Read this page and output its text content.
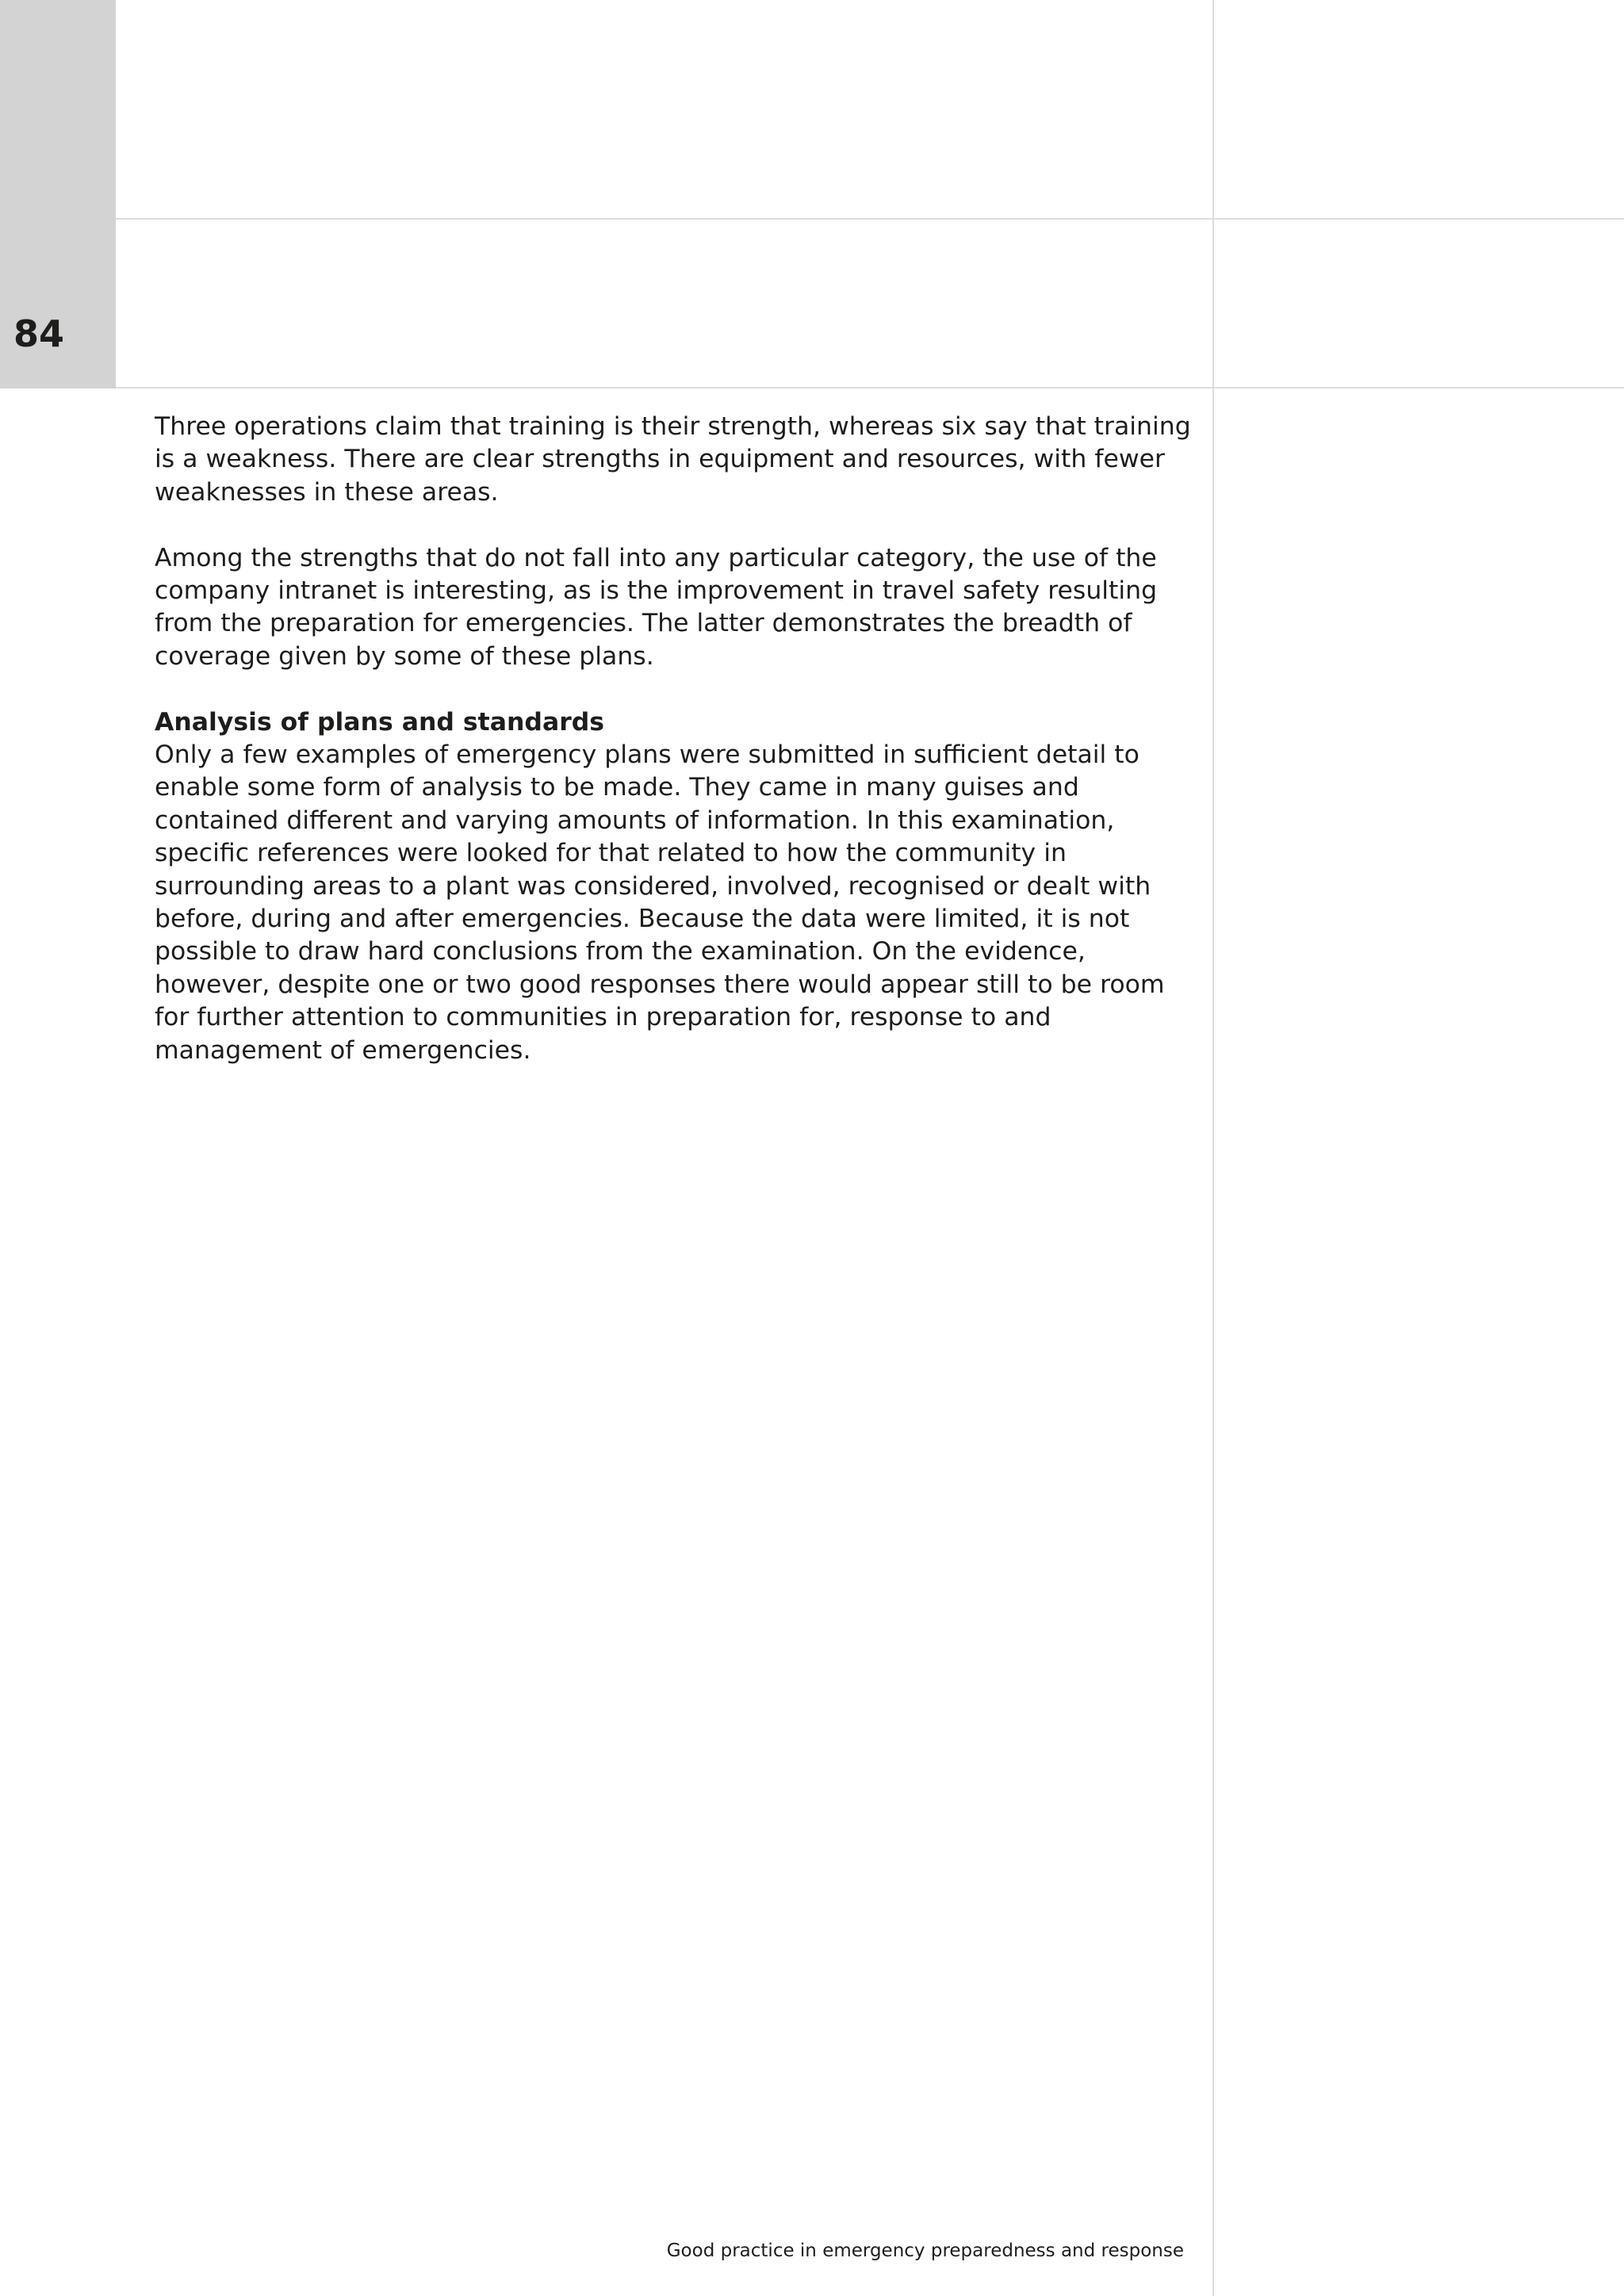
84

Three operations claim that training is their strength, whereas six say that training is a weakness. There are clear strengths in equipment and resources, with fewer weaknesses in these areas.

Among the strengths that do not fall into any particular category, the use of the company intranet is interesting, as is the improvement in travel safety resulting from the preparation for emergencies. The latter demonstrates the breadth of coverage given by some of these plans.

Analysis of plans and standards

Only a few examples of emergency plans were submitted in sufficient detail to enable some form of analysis to be made. They came in many guises and contained different and varying amounts of information. In this examination, specific references were looked for that related to how the community in surrounding areas to a plant was considered, involved, recognised or dealt with before, during and after emergencies. Because the data were limited, it is not possible to draw hard conclusions from the examination. On the evidence, however, despite one or two good responses there would appear still to be room for further attention to communities in preparation for, response to and management of emergencies.

Good practice in emergency preparedness and response
